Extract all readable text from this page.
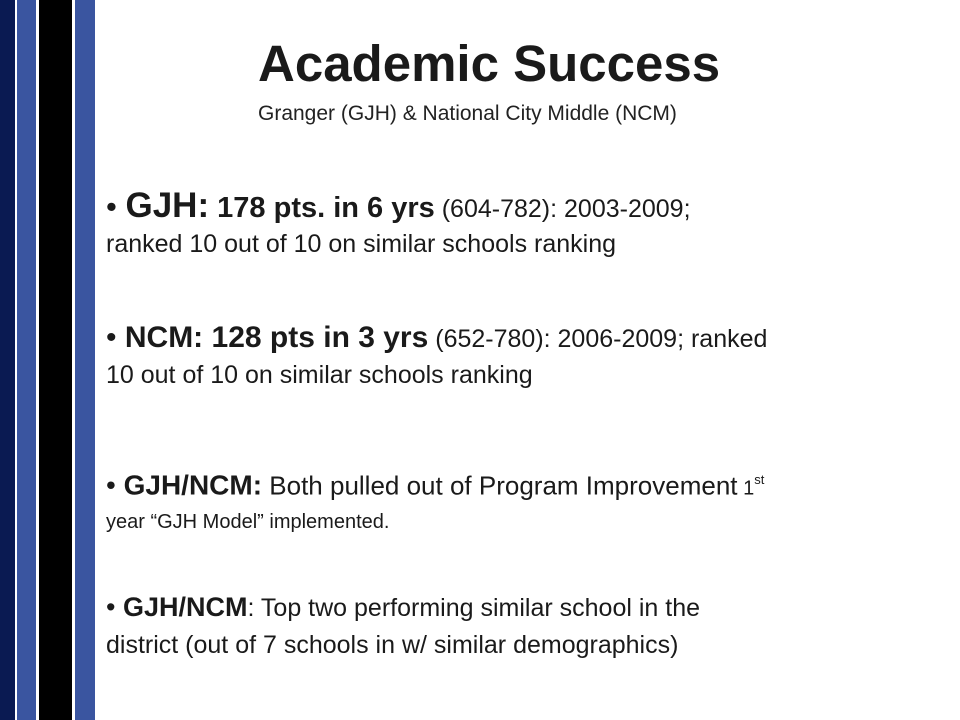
Academic Success
Granger (GJH) & National City Middle (NCM)
• GJH: 178 pts. in 6 yrs (604-782): 2003-2009;
ranked 10 out of 10 on similar schools ranking
• NCM: 128 pts in 3 yrs (652-780): 2006-2009; ranked
10 out of 10 on similar schools ranking
• GJH/NCM: Both pulled out of Program Improvement 1st
year “GJH Model” implemented.
• GJH/NCM: Top two performing similar school in the
district (out of 7 schools in w/ similar demographics)
